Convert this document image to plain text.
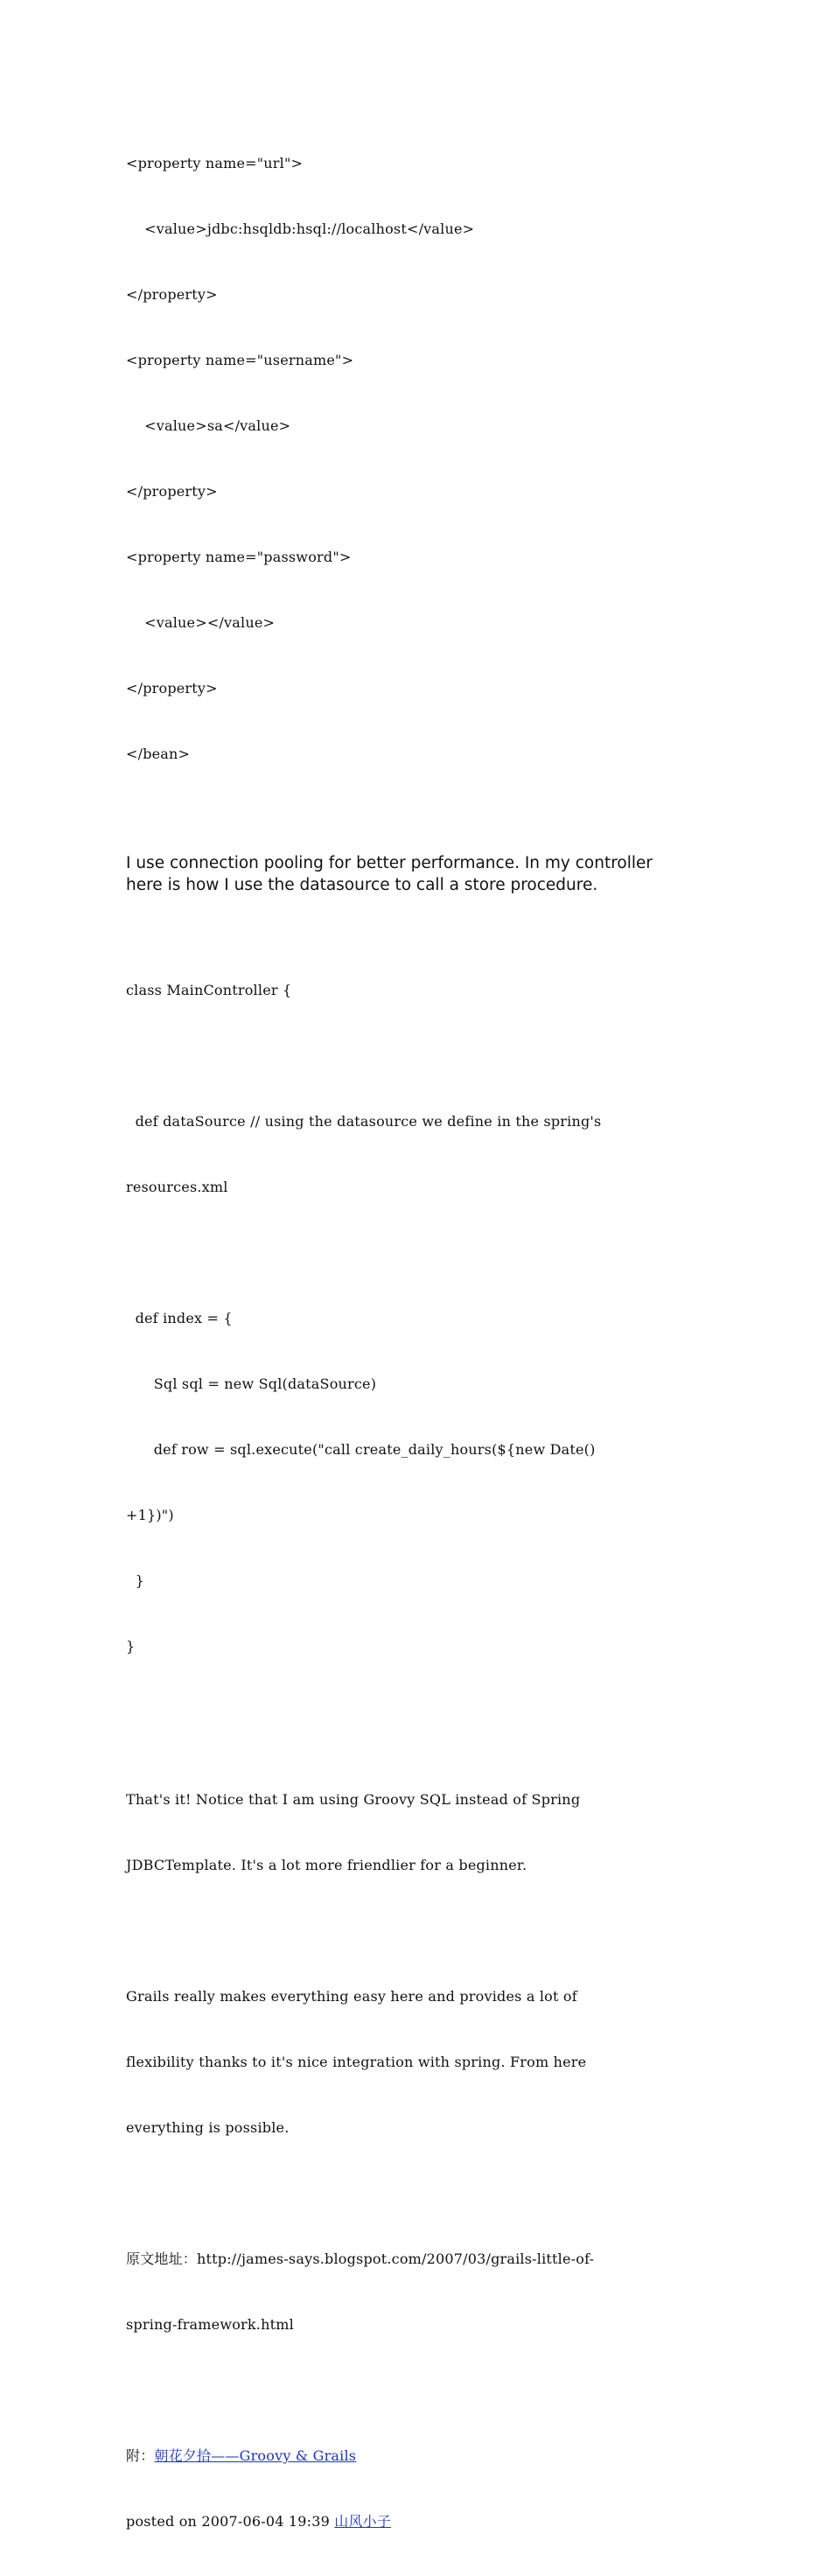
<property name="url">

<value>jdbc:hsqldb:hsql://localhost</value>

</property>

<property name="username">

<value>sa</value>

</property>

<property name="password">

<value></value>

</property>

</bean>

I use connection pooling for better performance. In my controller
here is how I use the datasource to call a store procedure.

class MainController {

def dataSource // using the datasource we define in the spring's

resources.xml

def index = {

Sql sql = new Sql(dataSource)

def row = sql.execute("call create_daily_hours(${new Date()

+1})")

}

}

That's it! Notice that I am using Groovy SQL instead of Spring

JDBCTemplate. It's a lot more friendlier for a beginner.

Grails really makes everything easy here and provides a lot of

flexibility thanks to it's nice integration with spring. From here

everything is possible.

原文地址：http://james-says.blogspot.com/2007/03/grails-little-of-

spring-framework.html

附：朝花夕拾——Groovy & Grails

posted on 2007-06-04 19:39 山风小子
